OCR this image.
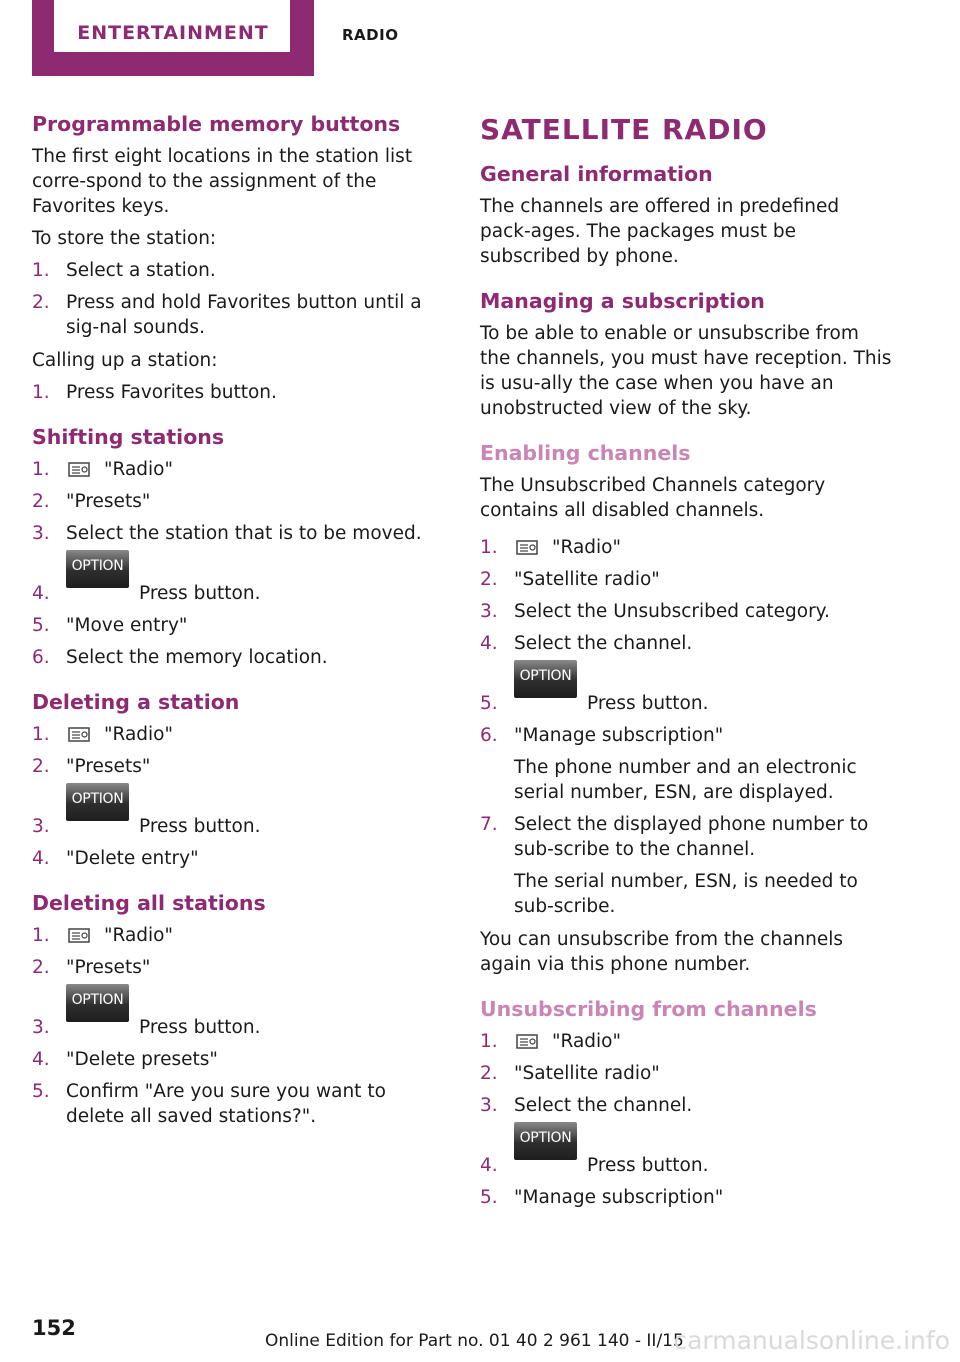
ENTERTAINMENT	RADIO
Programmable memory buttons

The first eight locations in the station list corre‐spond to the assignment of the Favorites keys.

To store the station:

1. Select a station.
2. Press and hold Favorites button until a sig‐nal sounds.

Calling up a station:

1. Press Favorites button.
Shifting stations
1.	"Radio"
2. "Presets"
3. Select the station that is to be moved.
4.
OPTION
Press button.
5. "Move entry"
6. Select the memory location.
Deleting a station
1.	"Radio"
2. "Presets"
3.
OPTION
Press button.
4. "Delete entry"
Deleting all stations
1.	"Radio"
2. "Presets"
3.
OPTION
Press button.
4. "Delete presets"
5. Confirm "Are you sure you want to delete all saved stations?".
SATELLITE RADIO
General information

The channels are offered in predefined pack‐ages. The packages must be subscribed by phone.

Managing a subscription

To be able to enable or unsubscribe from the channels, you must have reception. This is usu‐ally the case when you have an unobstructed view of the sky.

Enabling channels

The Unsubscribed Channels category contains all disabled channels.

1.	"Radio"
2. "Satellite radio"
3. Select the Unsubscribed category.
4. Select the channel.
5.
OPTION
Press button.
6. "Manage subscription"
The phone number and an electronic serial number, ESN, are displayed.
7. Select the displayed phone number to sub‐scribe to the channel.
The serial number, ESN, is needed to sub‐scribe.

You can unsubscribe from the channels again via this phone number.

Unsubscribing from channels
1.	"Radio"
2. "Satellite radio"
3. Select the channel.
4.
OPTION
Press button.
5. "Manage subscription"
152
Online Edition for Part no. 01 40 2 961 140 - II/15
carmanualsonline.info
